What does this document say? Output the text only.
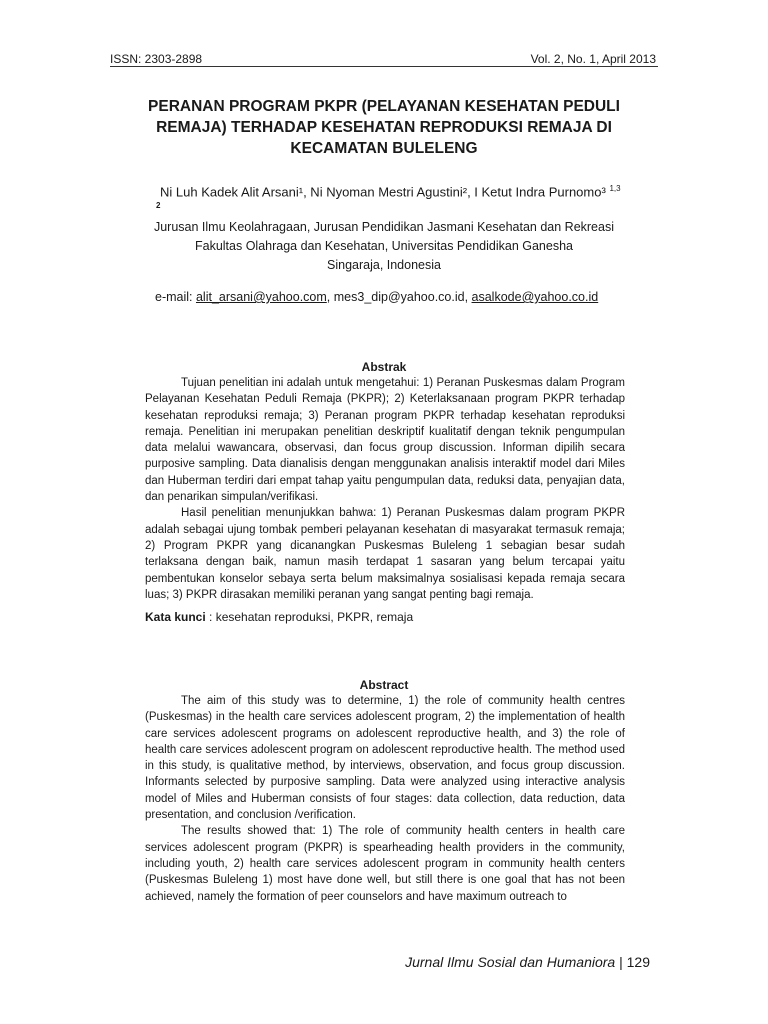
ISSN: 2303-2898	Vol. 2, No. 1, April 2013
PERANAN PROGRAM PKPR (PELAYANAN KESEHATAN PEDULI
REMAJA) TERHADAP KESEHATAN REPRODUKSI REMAJA DI
KECAMATAN BULELENG
Ni Luh Kadek Alit Arsani¹, Ni Nyoman Mestri Agustini², I Ketut Indra Purnomo³ $^{1,3}$
2
Jurusan Ilmu Keolahragaan, Jurusan Pendidikan Jasmani Kesehatan dan Rekreasi
Fakultas Olahraga dan Kesehatan, Universitas Pendidikan Ganesha
Singaraja, Indonesia
e-mail: alit_arsani@yahoo.com, mes3_dip@yahoo.co.id, asalkode@yahoo.co.id
Abstrak

Tujuan penelitian ini adalah untuk mengetahui: 1) Peranan Puskesmas dalam Program Pelayanan Kesehatan Peduli Remaja (PKPR); 2) Keterlaksanaan program PKPR terhadap kesehatan reproduksi remaja; 3) Peranan program PKPR terhadap kesehatan reproduksi remaja. Penelitian ini merupakan penelitian deskriptif kualitatif dengan teknik pengumpulan data melalui wawancara, observasi, dan focus group discussion. Informan dipilih secara purposive sampling. Data dianalisis dengan menggunakan analisis interaktif model dari Miles dan Huberman terdiri dari empat tahap yaitu pengumpulan data, reduksi data, penyajian data, dan penarikan simpulan/verifikasi.

Hasil penelitian menunjukkan bahwa: 1) Peranan Puskesmas dalam program PKPR adalah sebagai ujung tombak pemberi pelayanan kesehatan di masyarakat termasuk remaja; 2) Program PKPR yang dicanangkan Puskesmas Buleleng 1 sebagian besar sudah terlaksana dengan baik, namun masih terdapat 1 sasaran yang belum tercapai yaitu pembentukan konselor sebaya serta belum maksimalnya sosialisasi kepada remaja secara luas; 3) PKPR dirasakan memiliki peranan yang sangat penting bagi remaja.

Kata kunci : kesehatan reproduksi, PKPR, remaja
Abstract

The aim of this study was to determine, 1) the role of community health centres (Puskesmas) in the health care services adolescent program, 2) the implementation of health care services adolescent programs on adolescent reproductive health, and 3) the role of health care services adolescent program on adolescent reproductive health. The method used in this study, is qualitative method, by interviews, observation, and focus group discussion. Informants selected by purposive sampling. Data were analyzed using interactive analysis model of Miles and Huberman consists of four stages: data collection, data reduction, data presentation, and conclusion /verification.

The results showed that: 1) The role of community health centers in health care services adolescent program (PKPR) is spearheading health providers in the community, including youth, 2) health care services adolescent program in community health centers (Puskesmas Buleleng 1) most have done well, but still there is one goal that has not been achieved, namely the formation of peer counselors and have maximum outreach to

Jurnal Ilmu Sosial dan Humaniora | 129
